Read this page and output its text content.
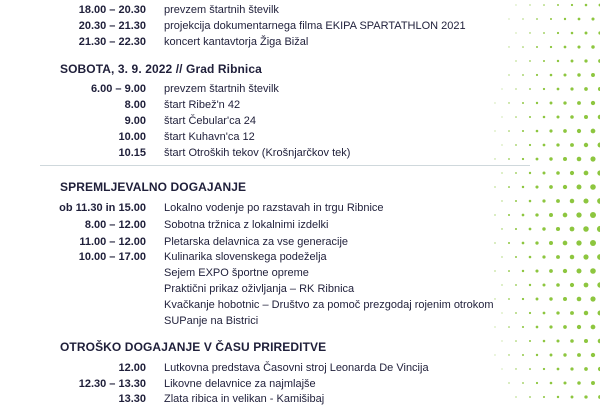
18.00 – 20.30 prevzem štartnih številk
20.30 – 21.30 projekcija dokumentarnega filma EKIPA SPARTATHLON 2021
21.30 – 22.30 koncert kantavtorja Žiga Bižal
SOBOTA, 3. 9. 2022 // Grad Ribnica
6.00 – 9.00 prevzem štartnih številk
8.00 štart Ribež'n 42
9.00 štart Čebular'ca 24
10.00 štart Kuhavn'ca 12
10.15 štart Otroških tekov (Krošnjarčkov tek)
SPREMLJEVALNO DOGAJANJE
ob 11.30 in 15.00 Lokalno vodenje po razstavah in trgu Ribnice
8.00 – 12.00 Sobotna tržnica z lokalnimi izdelki
11.00 – 12.00 Pletarska delavnica za vse generacije
10.00 – 17.00 Kulinarika slovenskega podeželja
Sejem EXPO športne opreme
Praktični prikaz oživljanja – RK Ribnica
Kvačkanje hobotnic – Društvo za pomoč prezgodaj rojenim otrokom
SUPanje na Bistrici
OTROŠKO DOGAJANJE V ČASU PRIREDITVE
12.00 Lutkovna predstava Časovni stroj Leonarda De Vincija
12.30 – 13.30 Likovne delavnice za najmlajše
13.30 Zlata ribica in velikan - Kamišibaj
